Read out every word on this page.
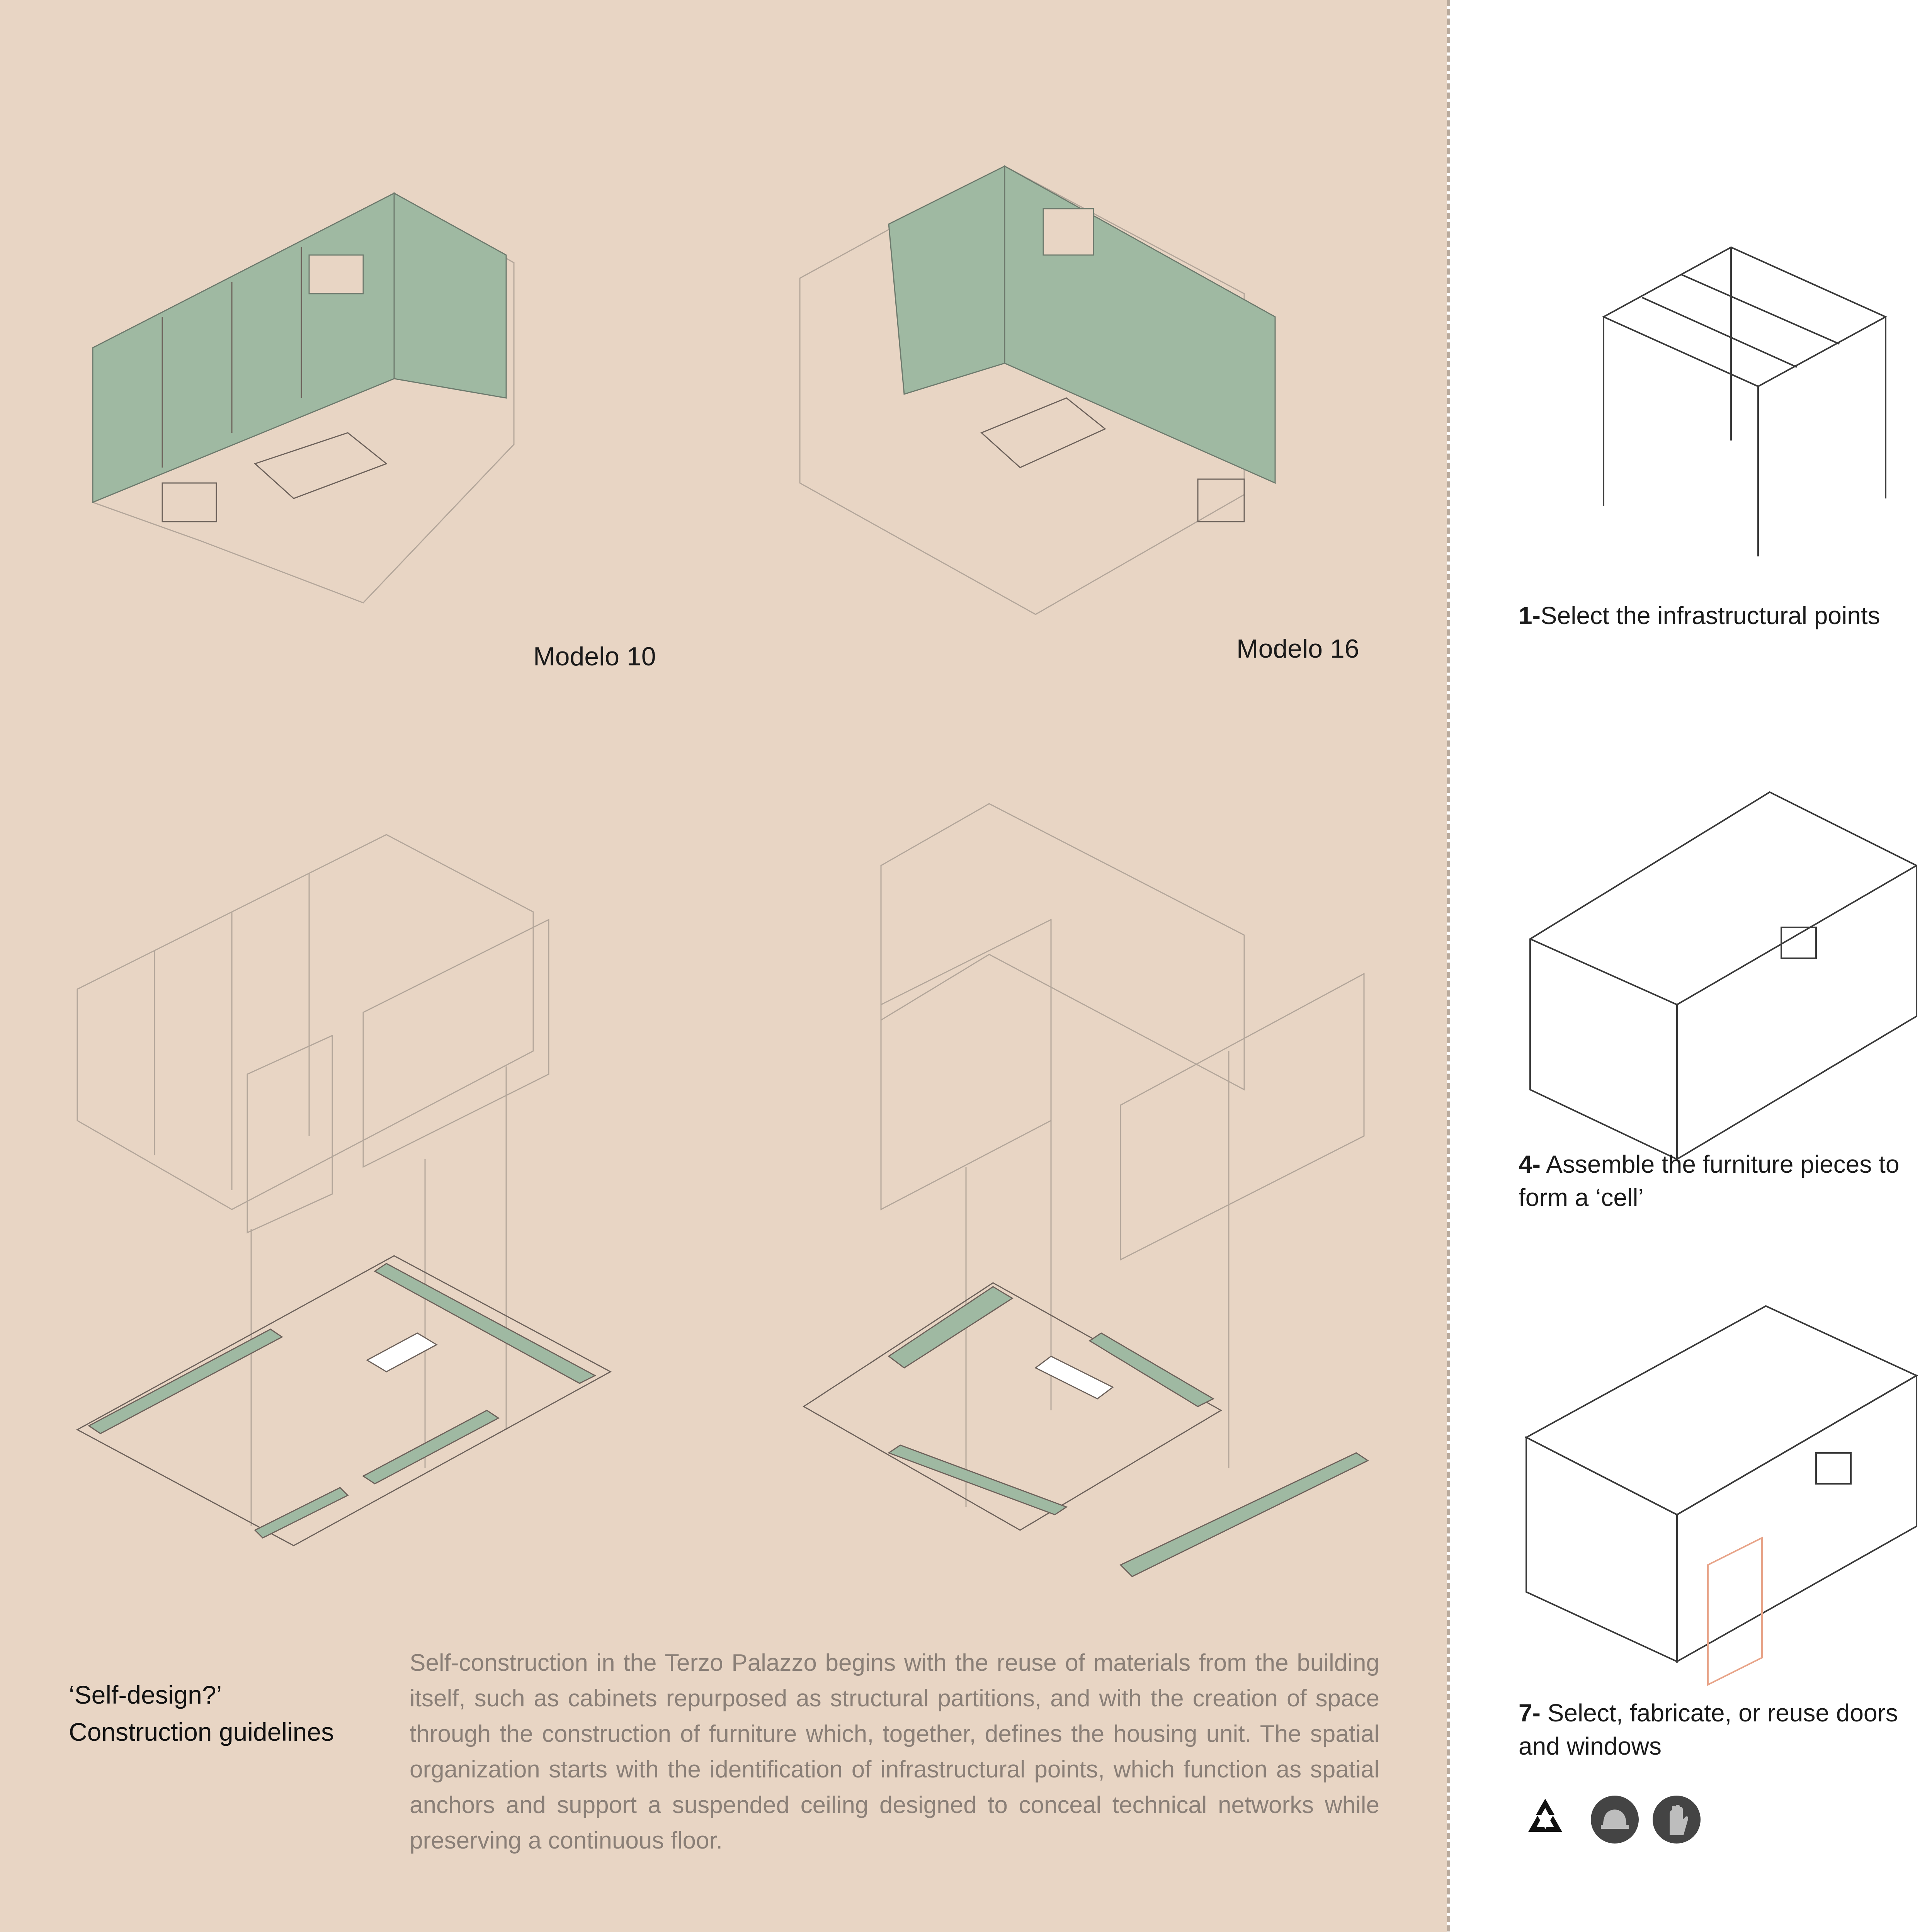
Modelo 10	Modelo 16
‘Self-design?’
Construction guidelines
Self-construction in the Terzo Palazzo begins with the reuse of materials from the building itself, such as cabinets repurposed as structural partitions, and with the creation of space through the construction of furniture which, together, defines the housing unit. The spatial organization starts with the identification of infrastructural points, which function as spatial anchors and support a suspended ceiling designed to conceal technical networks while preserving a continuous floor.
1-Select the infrastructural points
4- Assemble the furniture pieces to form a ‘cell’
7- Select, fabricate, or reuse doors and windows
